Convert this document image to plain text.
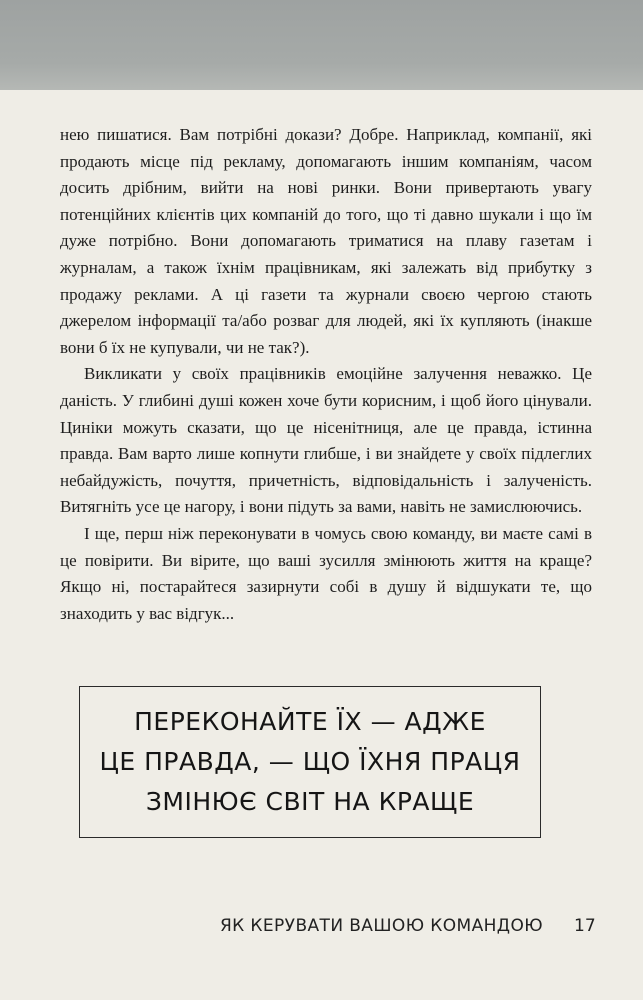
нею пишатися. Вам потрібні докази? Добре. Наприклад, компанії, які продають місце під рекламу, допомагають іншим компаніям, часом досить дрібним, вийти на нові ринки. Вони привертають увагу потенційних клієнтів цих компаній до того, що ті давно шукали і що їм дуже потрібно. Вони допомагають триматися на плаву газетам і журналам, а також їхнім працівникам, які залежать від прибутку з продажу реклами. А ці газети та журнали своєю чергою стають джерелом інформації та/або розваг для людей, які їх купляють (інакше вони б їх не купували, чи не так?).

Викликати у своїх працівників емоційне залучення неважко. Це даність. У глибині душі кожен хоче бути корисним, і щоб його цінували. Циніки можуть сказати, що це нісенітниця, але це правда, істинна правда. Вам варто лише копнути глибше, і ви знайдете у своїх підлеглих небайдужість, почуття, причетність, відповідальність і залученість. Витягніть усе це нагору, і вони підуть за вами, навіть не замислюючись.

І ще, перш ніж переконувати в чомусь свою команду, ви маєте самі в це повірити. Ви вірите, що ваші зусилля змінюють життя на краще? Якщо ні, постарайтеся зазирнути собі в душу й відшукати те, що знаходить у вас відгук...

ПЕРЕКОНАЙТЕ ЇХ — АДЖЕ
ЦЕ ПРАВДА, — ЩО ЇХНЯ ПРАЦЯ
ЗМІНЮЄ СВІТ НА КРАЩЕ
ЯК КЕРУВАТИ ВАШОЮ КОМАНДОЮ 17
